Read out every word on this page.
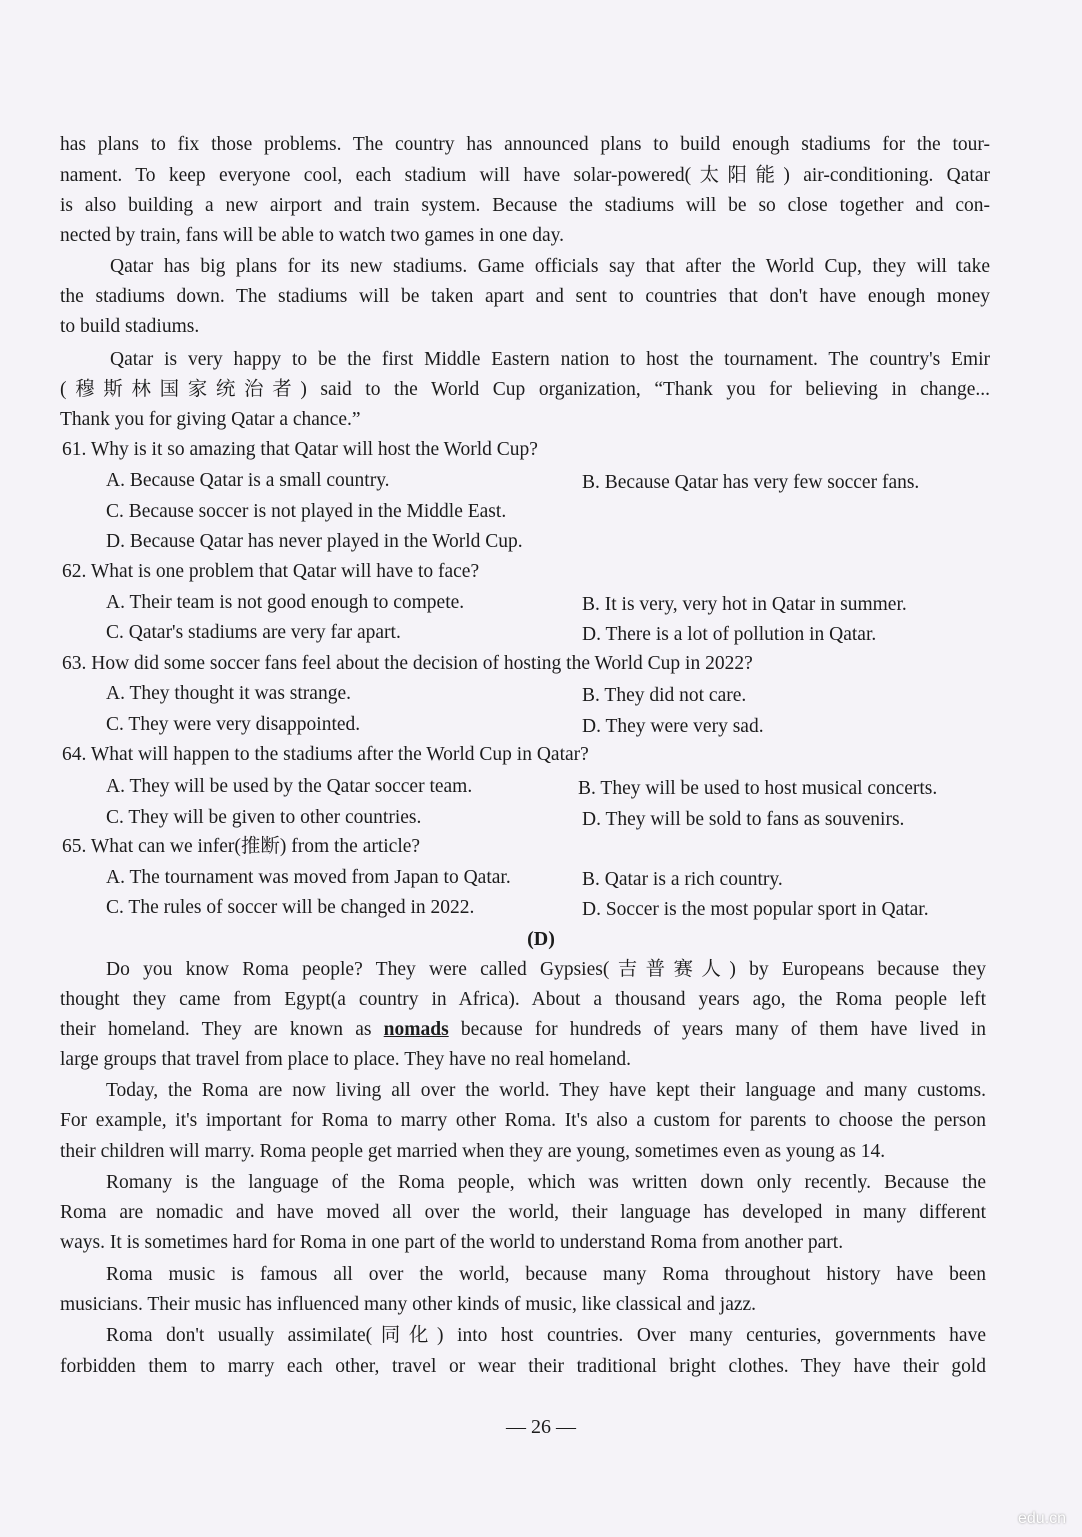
has plans to fix those problems. The country has announced plans to build enough stadiums for the tour-
nament. To keep everyone cool, each stadium will have solar-powered(太阳能) air-conditioning. Qatar
is also building a new airport and train system. Because the stadiums will be so close together and con-
nected by train, fans will be able to watch two games in one day.
Qatar has big plans for its new stadiums. Game officials say that after the World Cup, they will take
the stadiums down. The stadiums will be taken apart and sent to countries that don't have enough money
to build stadiums.
Qatar is very happy to be the first Middle Eastern nation to host the tournament. The country's Emir
(穆斯林国家统治者) said to the World Cup organization, “Thank you for believing in change...
Thank you for giving Qatar a chance.”
61. Why is it so amazing that Qatar will host the World Cup?
A. Because Qatar is a small country.	B. Because Qatar has very few soccer fans.
C. Because soccer is not played in the Middle East.
D. Because Qatar has never played in the World Cup.
62. What is one problem that Qatar will have to face?
A. Their team is not good enough to compete.	B. It is very, very hot in Qatar in summer.
C. Qatar's stadiums are very far apart.	D. There is a lot of pollution in Qatar.
63. How did some soccer fans feel about the decision of hosting the World Cup in 2022?
A. They thought it was strange.	B. They did not care.
C. They were very disappointed.	D. They were very sad.
64. What will happen to the stadiums after the World Cup in Qatar?
A. They will be used by the Qatar soccer team.	B. They will be used to host musical concerts.
C. They will be given to other countries.	D. They will be sold to fans as souvenirs.
65. What can we infer(推断) from the article?
A. The tournament was moved from Japan to Qatar.	B. Qatar is a rich country.
C. The rules of soccer will be changed in 2022.	D. Soccer is the most popular sport in Qatar.
(D)
Do you know Roma people? They were called Gypsies(吉普赛人) by Europeans because they
thought they came from Egypt(a country in Africa). About a thousand years ago, the Roma people left
their homeland. They are known as nomads because for hundreds of years many of them have lived in
large groups that travel from place to place. They have no real homeland.
Today, the Roma are now living all over the world. They have kept their language and many customs.
For example, it's important for Roma to marry other Roma. It's also a custom for parents to choose the person
their children will marry. Roma people get married when they are young, sometimes even as young as 14.
Romany is the language of the Roma people, which was written down only recently. Because the
Roma are nomadic and have moved all over the world, their language has developed in many different
ways. It is sometimes hard for Roma in one part of the world to understand Roma from another part.
Roma music is famous all over the world, because many Roma throughout history have been
musicians. Their music has influenced many other kinds of music, like classical and jazz.
Roma don't usually assimilate(同化) into host countries. Over many centuries, governments have
forbidden them to marry each other, travel or wear their traditional bright clothes. They have their gold
— 26 —
edu.cn
